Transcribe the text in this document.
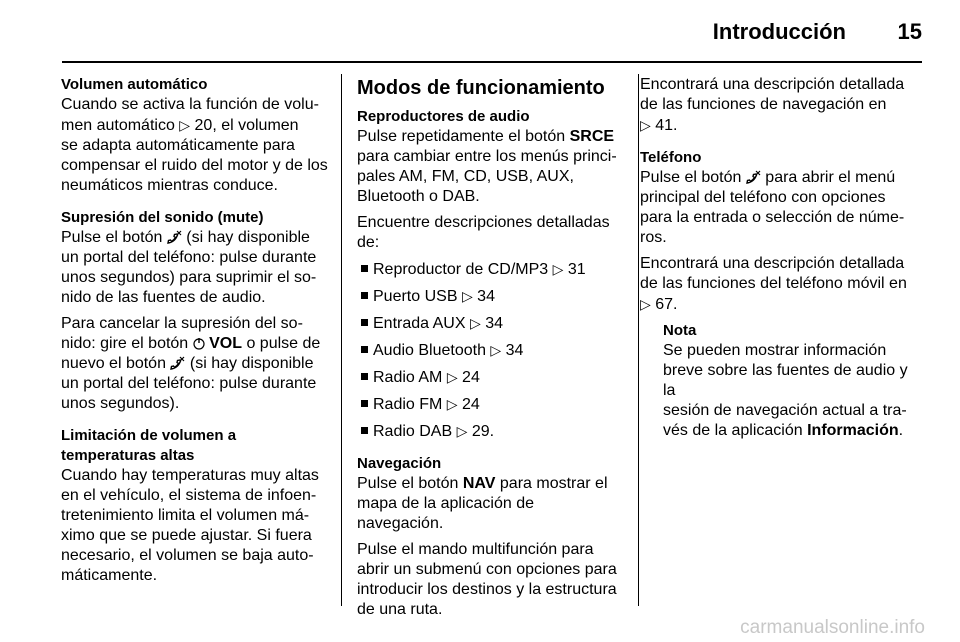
Introducción	15
Volumen automático
Cuando se activa la función de volu-
men automático ▷ 20, el volumen
se adapta automáticamente para
compensar el ruido del motor y de los
neumáticos mientras conduce.
Supresión del sonido (mute)
Pulse el botón  (si hay disponible
un portal del teléfono: pulse durante
unos segundos) para suprimir el so-
nido de las fuentes de audio.
Para cancelar la supresión del so-
nido: gire el botón  VOL o pulse de
nuevo el botón  (si hay disponible
un portal del teléfono: pulse durante
unos segundos).
Limitación de volumen a
temperaturas altas
Cuando hay temperaturas muy altas
en el vehículo, el sistema de infoen-
tretenimiento limita el volumen má-
ximo que se puede ajustar. Si fuera
necesario, el volumen se baja auto-
máticamente.
Modos de funcionamiento
Reproductores de audio
Pulse repetidamente el botón SRCE
para cambiar entre los menús princi-
pales AM, FM, CD, USB, AUX,
Bluetooth o DAB.
Encuentre descripciones detalladas
de:
Reproductor de CD/MP3 ▷ 31
Puerto USB ▷ 34
Entrada AUX ▷ 34
Audio Bluetooth ▷ 34
Radio AM ▷ 24
Radio FM ▷ 24
Radio DAB ▷ 29.
Navegación
Pulse el botón NAV para mostrar el
mapa de la aplicación de navegación.
Pulse el mando multifunción para
abrir un submenú con opciones para
introducir los destinos y la estructura
de una ruta.
Encontrará una descripción detallada
de las funciones de navegación en
▷ 41.
Teléfono
Pulse el botón  para abrir el menú
principal del teléfono con opciones
para la entrada o selección de núme-
ros.
Encontrará una descripción detallada
de las funciones del teléfono móvil en
▷ 67.
Nota
Se pueden mostrar información
breve sobre las fuentes de audio y la
sesión de navegación actual a tra-
vés de la aplicación Información.
carmanualsonline.info
